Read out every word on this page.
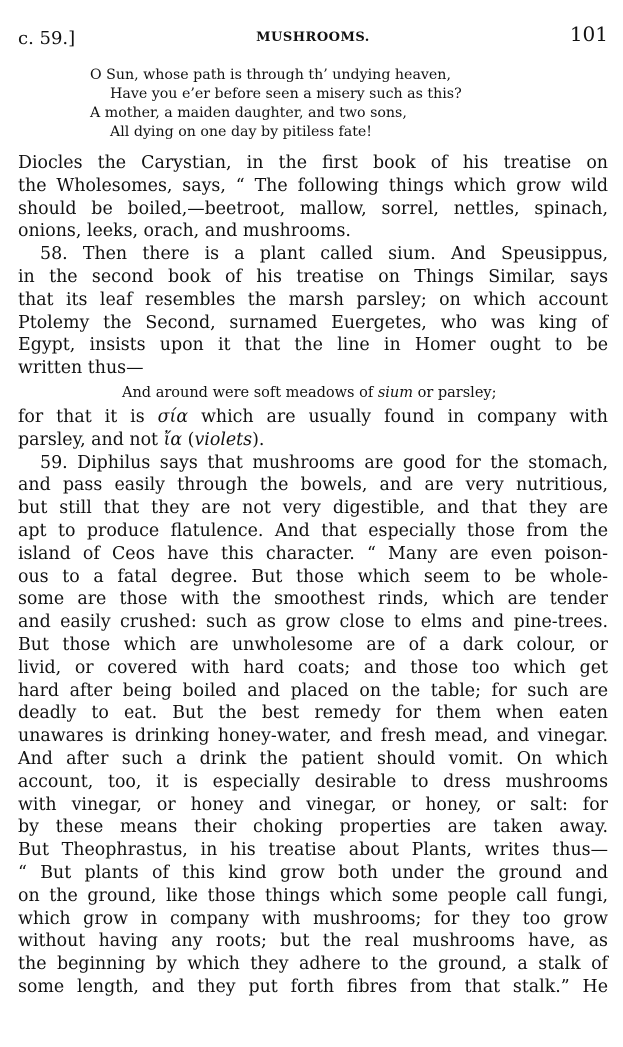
c. 59.]	MUSHROOMS.	101
O Sun, whose path is through th’ undying heaven,
Have you e’er before seen a misery such as this?
A mother, a maiden daughter, and two sons,
All dying on one day by pitiless fate!
Diocles the Carystian, in the first book of his treatise on
the Wholesomes, says, “ The following things which grow wild
should be boiled,—beetroot, mallow, sorrel, nettles, spinach,
onions, leeks, orach, and mushrooms.
58. Then there is a plant called sium. And Speusippus,
in the second book of his treatise on Things Similar, says
that its leaf resembles the marsh parsley; on which account
Ptolemy the Second, surnamed Euergetes, who was king of
Egypt, insists upon it that the line in Homer ought to be
written thus—
And around were soft meadows of sium or parsley;
for that it is σία which are usually found in company with
parsley, and not ἴα (violets).
59. Diphilus says that mushrooms are good for the stomach,
and pass easily through the bowels, and are very nutritious,
but still that they are not very digestible, and that they are
apt to produce flatulence. And that especially those from the
island of Ceos have this character. “ Many are even poison-
ous to a fatal degree. But those which seem to be whole-
some are those with the smoothest rinds, which are tender
and easily crushed: such as grow close to elms and pine-trees.
But those which are unwholesome are of a dark colour, or
livid, or covered with hard coats; and those too which get
hard after being boiled and placed on the table; for such are
deadly to eat. But the best remedy for them when eaten
unawares is drinking honey-water, and fresh mead, and vinegar.
And after such a drink the patient should vomit. On which
account, too, it is especially desirable to dress mushrooms
with vinegar, or honey and vinegar, or honey, or salt: for
by these means their choking properties are taken away.
But Theophrastus, in his treatise about Plants, writes thus—
“ But plants of this kind grow both under the ground and
on the ground, like those things which some people call fungi,
which grow in company with mushrooms; for they too grow
without having any roots; but the real mushrooms have, as
the beginning by which they adhere to the ground, a stalk of
some length, and they put forth fibres from that stalk.” He
